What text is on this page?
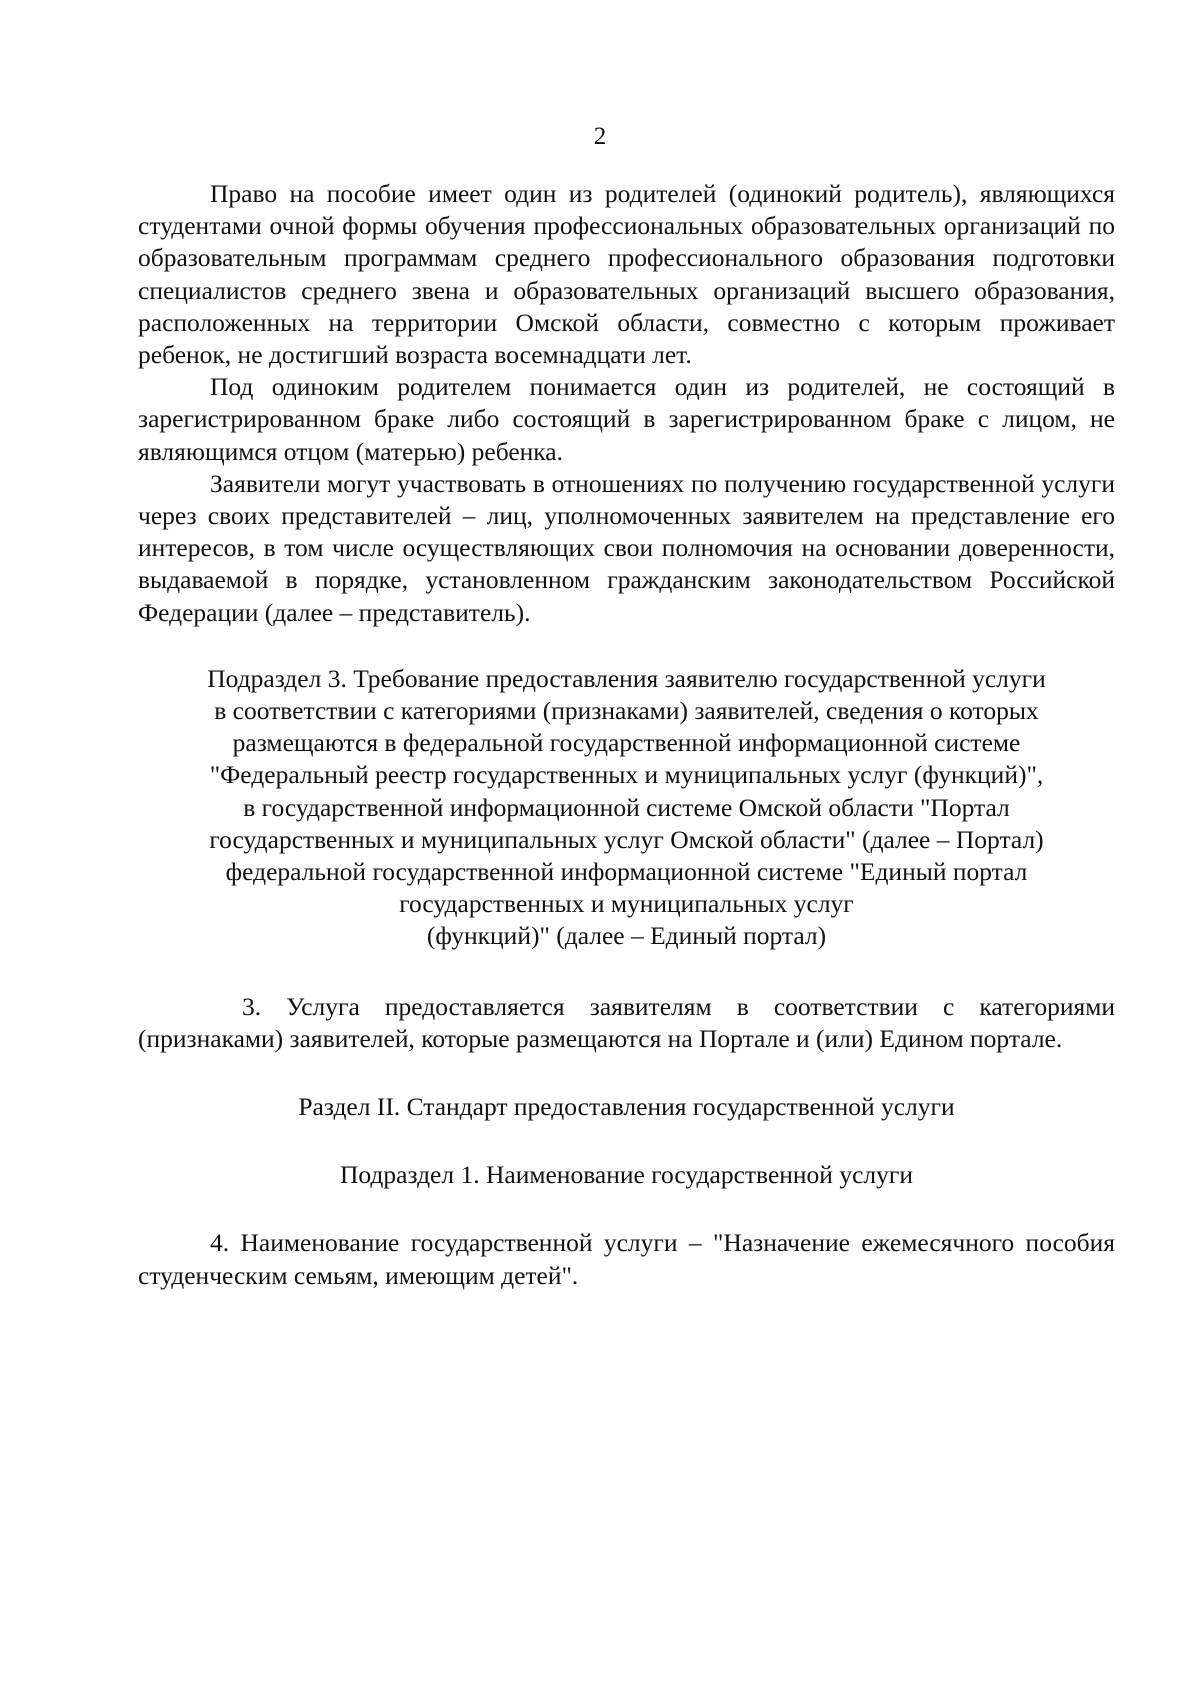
2

Право на пособие имеет один из родителей (одинокий родитель), являющихся студентами очной формы обучения профессиональных образовательных организаций по образовательным программам среднего профессионального образования подготовки специалистов среднего звена и образовательных организаций высшего образования, расположенных на территории Омской области, совместно с которым проживает ребенок, не достигший возраста восемнадцати лет.

Под одиноким родителем понимается один из родителей, не состоящий в зарегистрированном браке либо состоящий в зарегистрированном браке с лицом, не являющимся отцом (матерью) ребенка.

Заявители могут участвовать в отношениях по получению государственной услуги через своих представителей – лиц, уполномоченных заявителем на представление его интересов, в том числе осуществляющих свои полномочия на основании доверенности, выдаваемой в порядке, установленном гражданским законодательством Российской Федерации (далее – представитель).

Подраздел 3. Требование предоставления заявителю государственной услуги
в соответствии с категориями (признаками) заявителей, сведения о которых
размещаются в федеральной государственной информационной системе
"Федеральный реестр государственных и муниципальных услуг (функций)",
в государственной информационной системе Омской области "Портал
государственных и муниципальных услуг Омской области" (далее – Портал)
федеральной государственной информационной системе "Единый портал
государственных и муниципальных услуг
(функций)" (далее – Единый портал)

3. Услуга предоставляется заявителям в соответствии с категориями (признаками) заявителей, которые размещаются на Портале и (или) Едином портале.

Раздел II. Стандарт предоставления государственной услуги

Подраздел 1. Наименование государственной услуги

4. Наименование государственной услуги – "Назначение ежемесячного пособия студенческим семьям, имеющим детей".
